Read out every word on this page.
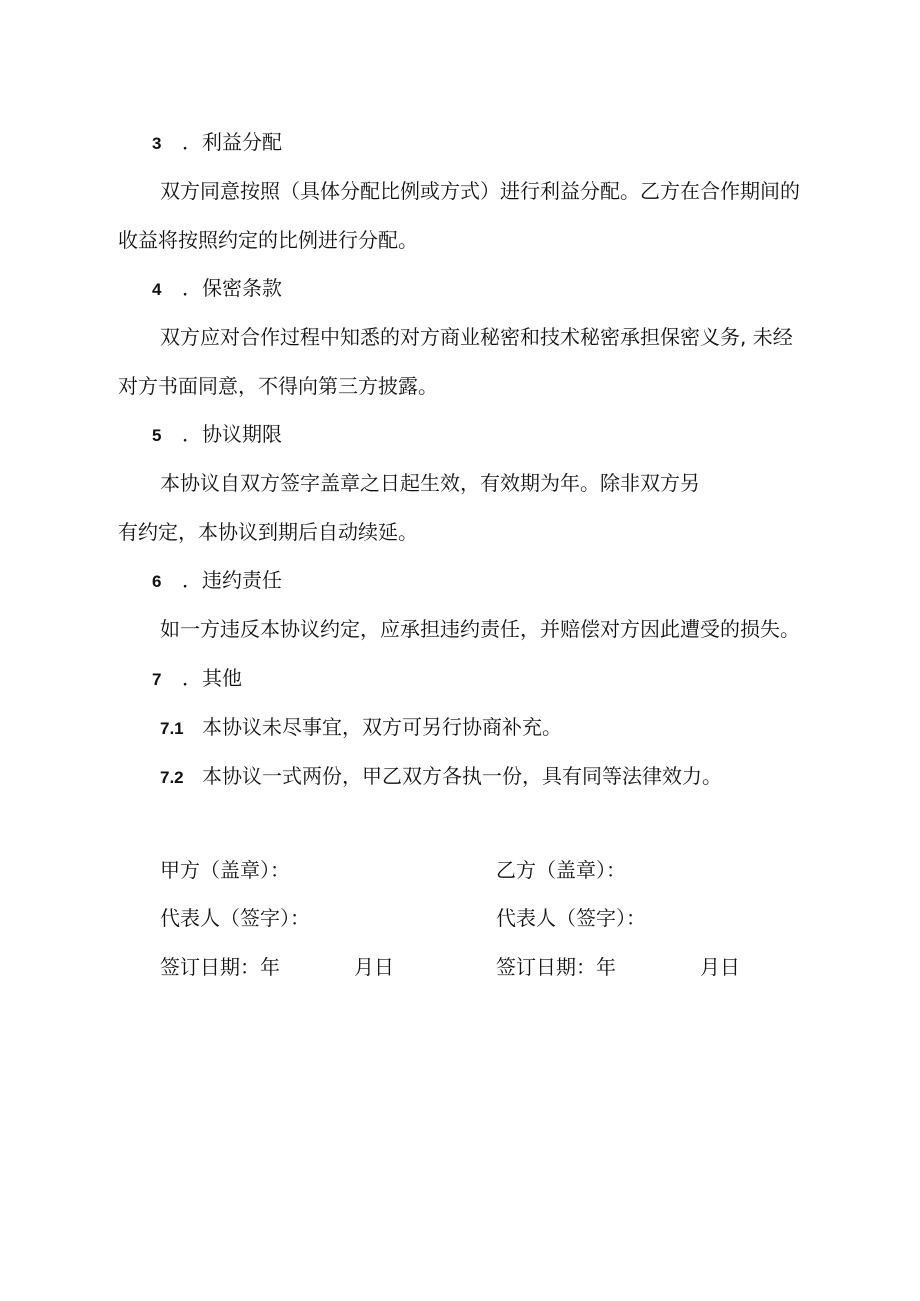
3 ．利益分配
双方同意按照（具体分配比例或方式）进行利益分配。乙方在合作期间的
收益将按照约定的比例进行分配。
4 ．保密条款
双方应对合作过程中知悉的对方商业秘密和技术秘密承担保密义务, 未经
对方书面同意，不得向第三方披露。
5 ．协议期限
本协议自双方签字盖章之日起生效，有效期为年。除非双方另
有约定，本协议到期后自动续延。
6 ．违约责任
如一方违反本协议约定，应承担违约责任，并赔偿对方因此遭受的损失。
7 ．其他
7.1 本协议未尽事宜，双方可另行协商补充。
7.2 本协议一式两份，甲乙双方各执一份，具有同等法律效力。
甲方（盖章）：
代表人（签字）：
签订日期：年	月日
乙方（盖章）：
代表人（签字）：
签订日期：年	月日
